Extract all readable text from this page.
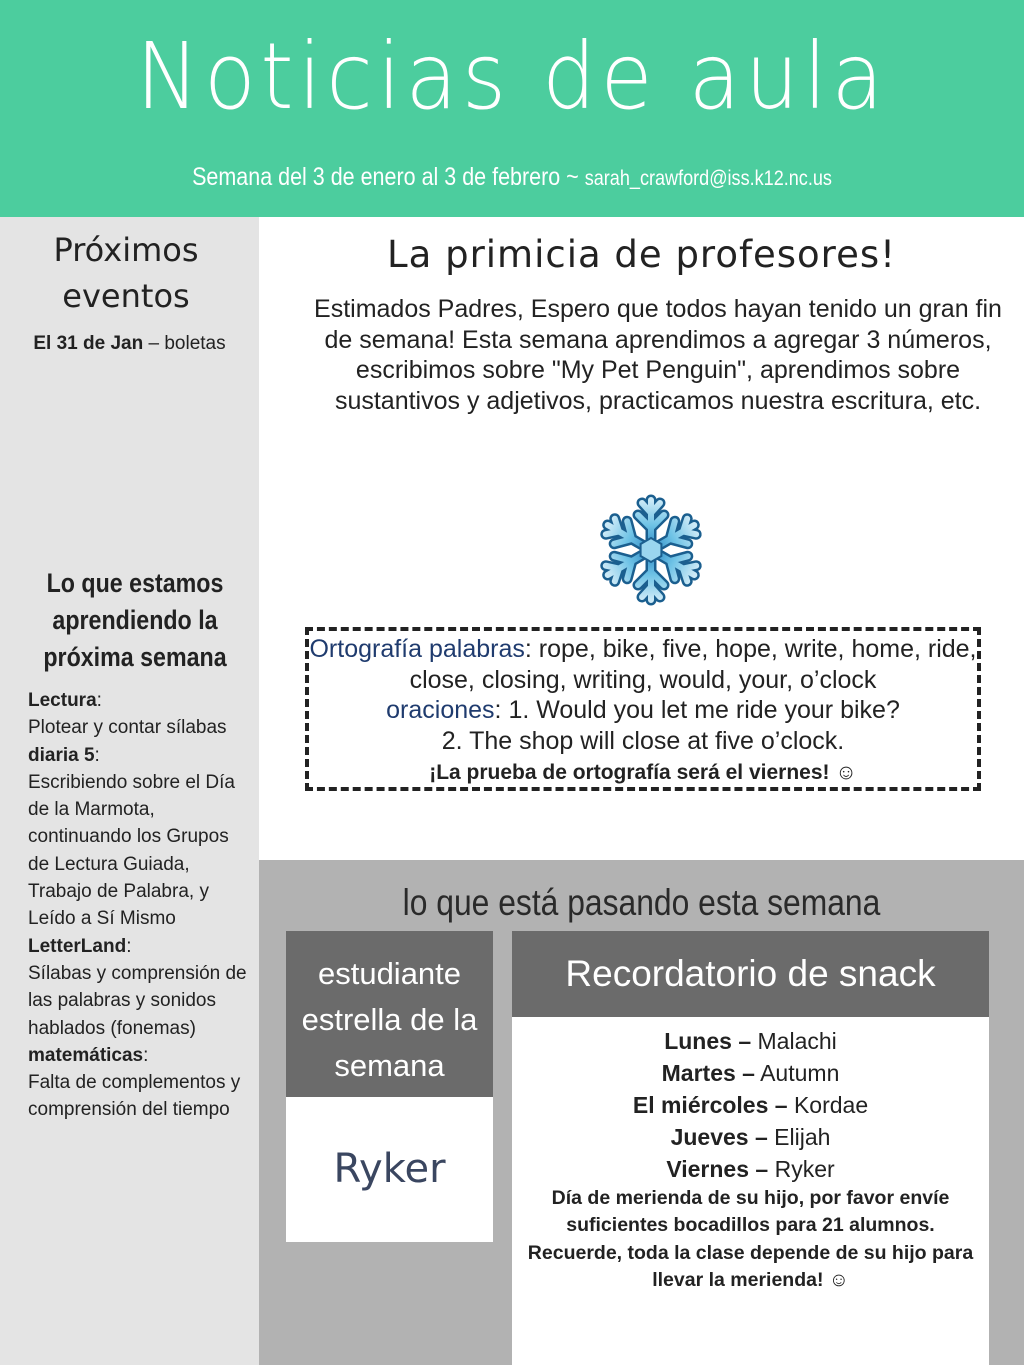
Noticias de aula
Semana del 3 de enero al 3 de febrero ~ sarah_crawford@iss.k12.nc.us
Próximos eventos
El 31 de Jan – boletas
Lo que estamos aprendiendo la próxima semana
Lectura:
Plotear y contar sílabas
diaria 5:
Escribiendo sobre el Día de la Marmota, continuando los Grupos de Lectura Guiada, Trabajo de Palabra, y Leído a Sí Mismo
LetterLand:
Sílabas y comprensión de las palabras y sonidos hablados (fonemas)
matemáticas:
Falta de complementos y comprensión del tiempo
La primicia de profesores!
Estimados Padres, Espero que todos hayan tenido un gran fin de semana! Esta semana aprendimos a agregar 3 números, escribimos sobre "My Pet Penguin", aprendimos sobre sustantivos y adjetivos, practicamos nuestra escritura, etc.
Ortografía palabras: rope, bike, five, hope, write, home, ride, close, closing, writing, would, your, o’clock
oraciones: 1. Would you let me ride your bike?
2. The shop will close at five o’clock.
¡La prueba de ortografía será el viernes! ☺
lo que está pasando esta semana
estudiante estrella de la semana
Ryker
Recordatorio de snack
Lunes – Malachi
Martes – Autumn
El miércoles – Kordae
Jueves – Elijah
Viernes – Ryker
Día de merienda de su hijo, por favor envíe suficientes bocadillos para 21 alumnos. Recuerde, toda la clase depende de su hijo para llevar la merienda! ☺
